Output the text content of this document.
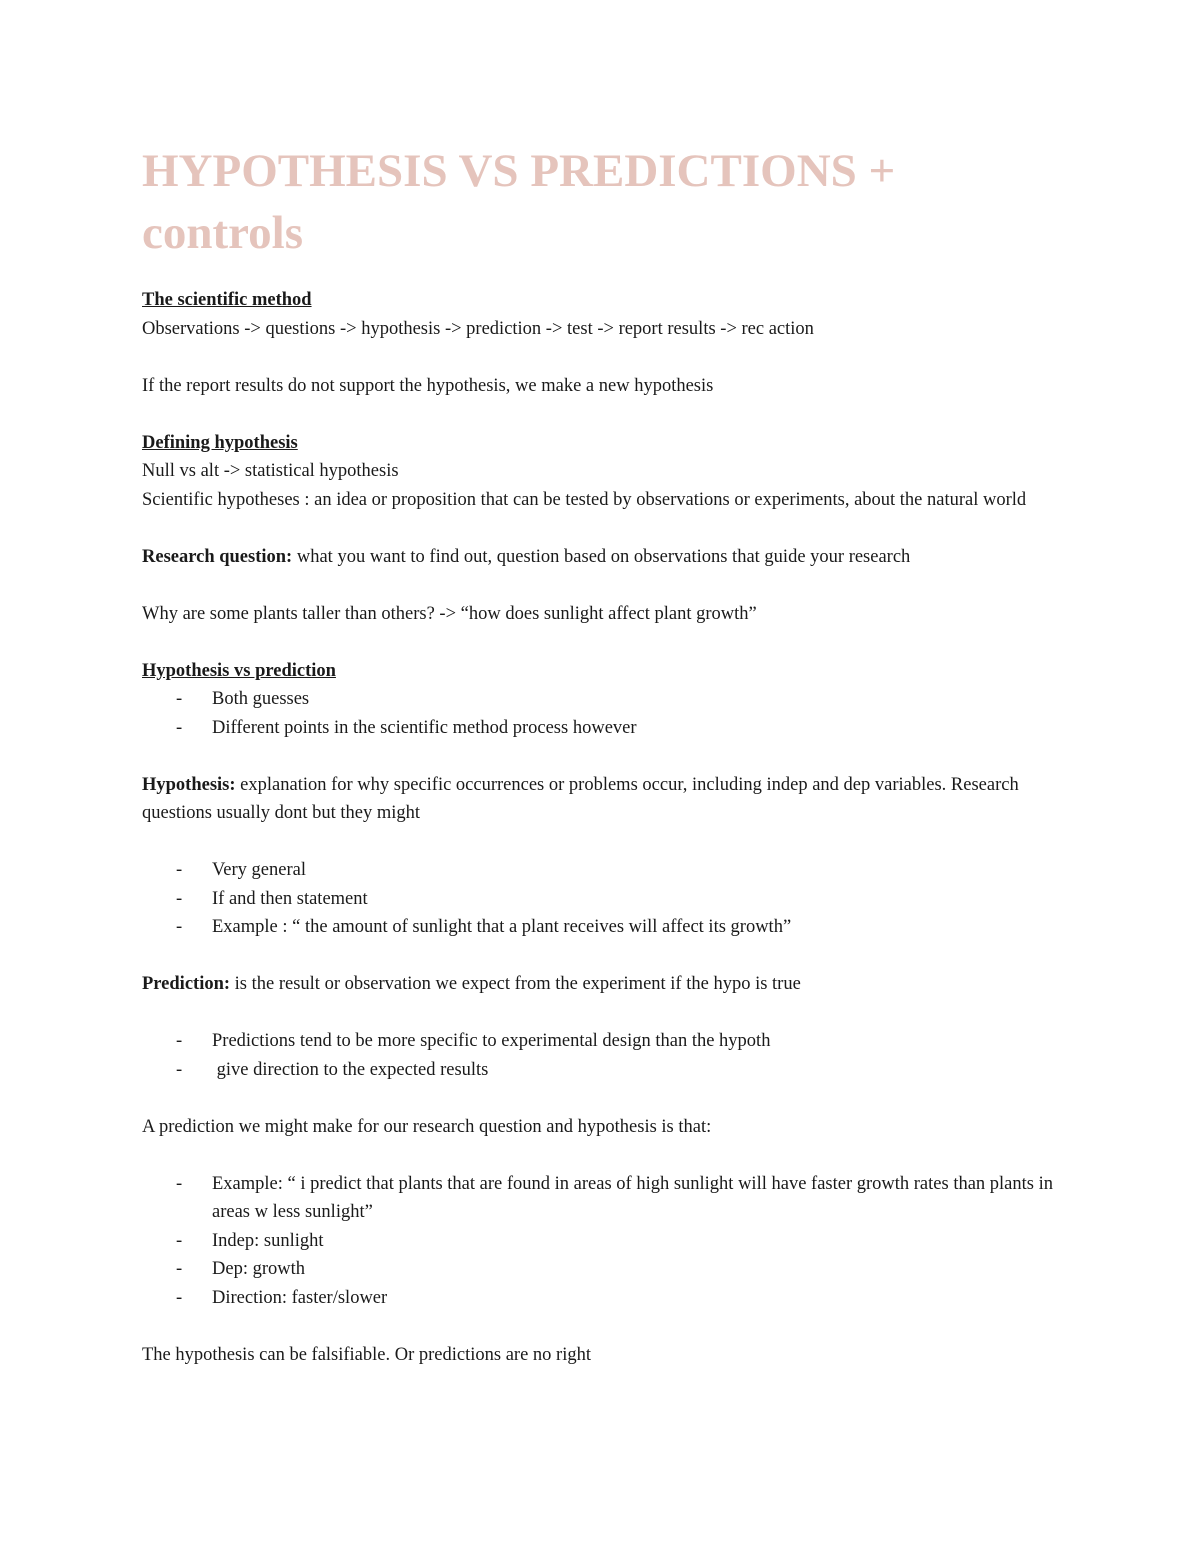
HYPOTHESIS VS PREDICTIONS +
controls

The scientific method

Observations -> questions -> hypothesis -> prediction -> test -> report results -> rec action

If the report results do not support the hypothesis, we make a new hypothesis

Defining hypothesis

Null vs alt -> statistical hypothesis

Scientific hypotheses : an idea or proposition that can be tested by observations or experiments, about the natural world

Research question: what you want to find out, question based on observations that guide your research

Why are some plants taller than others? -> “how does sunlight affect plant growth”

Hypothesis vs prediction

- Both guesses
- Different points in the scientific method process however

Hypothesis: explanation for why specific occurrences or problems occur, including indep and dep variables. Research questions usually dont but they might

- Very general
- If and then statement
- Example : “ the amount of sunlight that a plant receives will affect its growth”

Prediction: is the result or observation we expect from the experiment if the hypo is true

- Predictions tend to be more specific to experimental design than the hypoth
- give direction to the expected results

A prediction we might make for our research question and hypothesis is that:

- Example: “ i predict that plants that are found in areas of high sunlight will have faster growth rates than plants in areas w less sunlight”
- Indep: sunlight
- Dep: growth
- Direction: faster/slower

The hypothesis can be falsifiable. Or predictions are no right
